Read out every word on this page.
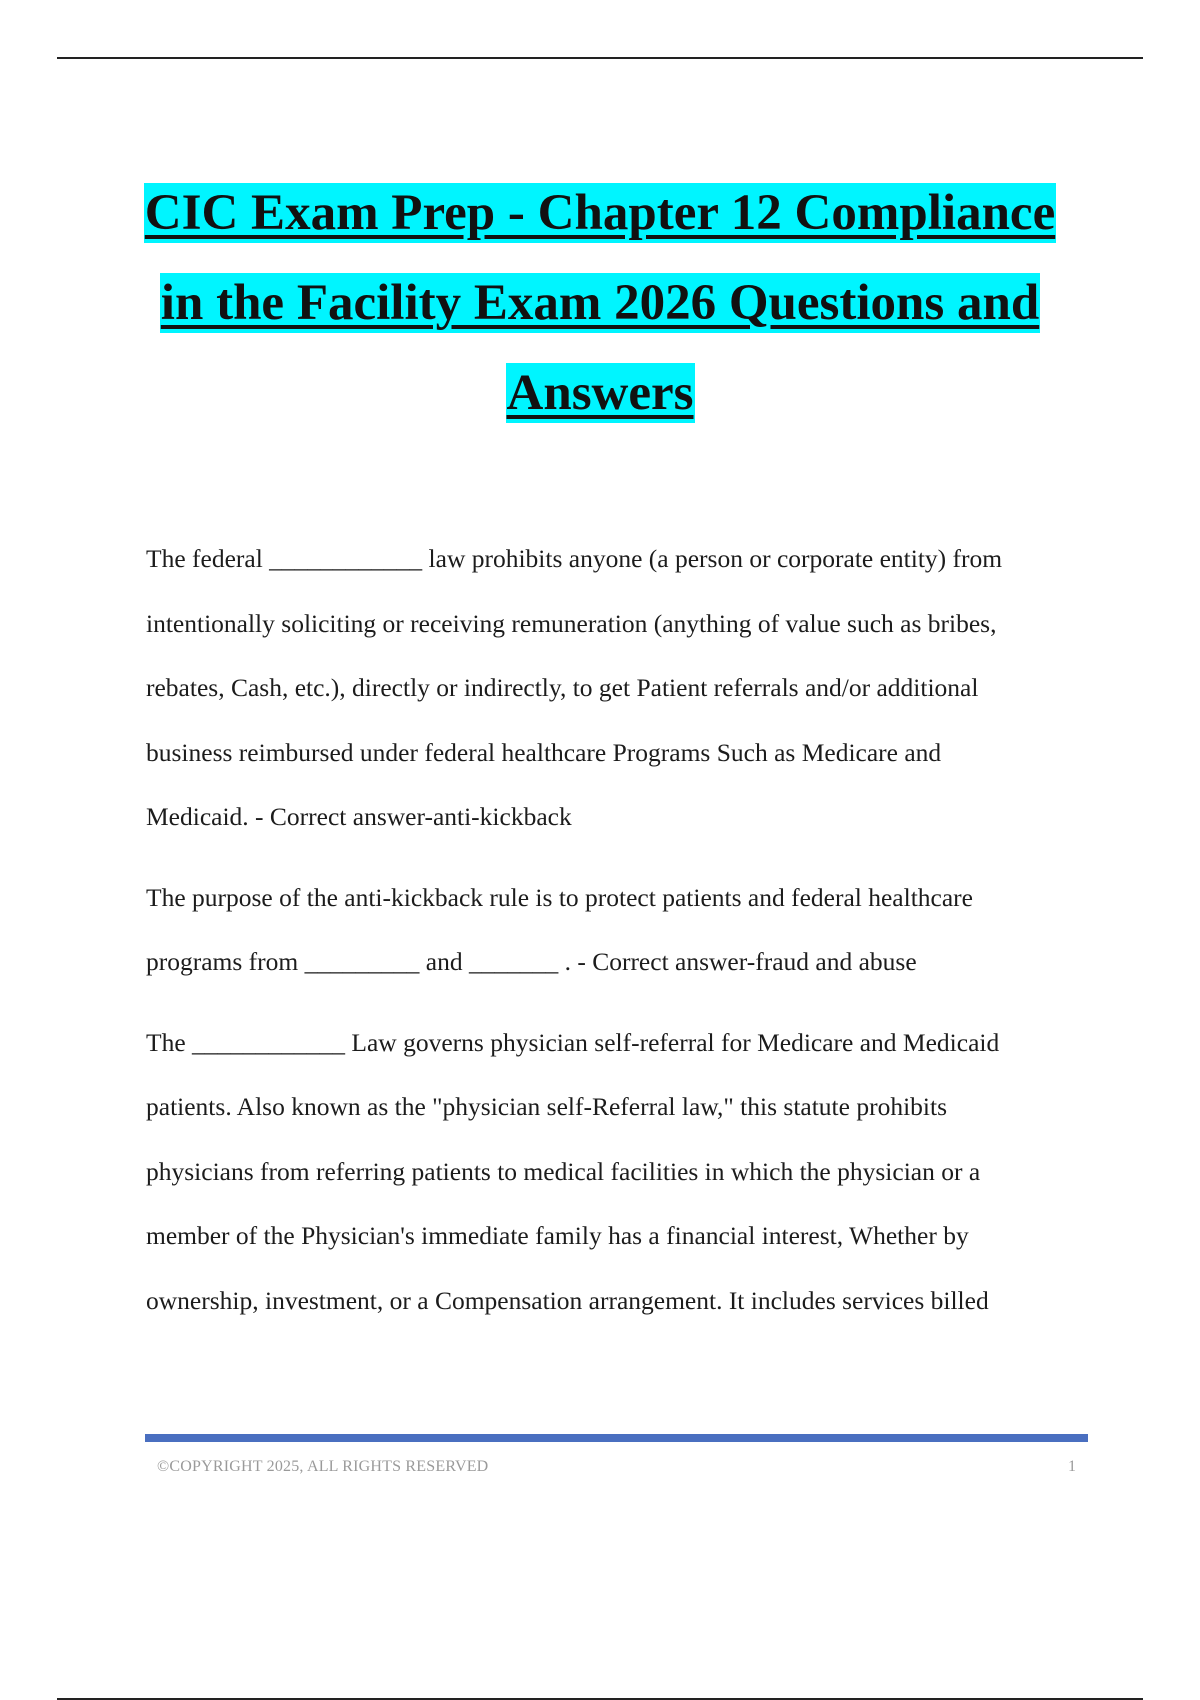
CIC Exam Prep - Chapter 12 Compliance
in the Facility Exam 2026 Questions and
Answers

The federal ____________ law prohibits anyone (a person or corporate entity) from
intentionally soliciting or receiving remuneration (anything of value such as bribes,
rebates, Cash, etc.), directly or indirectly, to get Patient referrals and/or additional
business reimbursed under federal healthcare Programs Such as Medicare and
Medicaid. - Correct answer-anti-kickback

The purpose of the anti-kickback rule is to protect patients and federal healthcare
programs from _________ and _______ . - Correct answer-fraud and abuse

The ____________ Law governs physician self-referral for Medicare and Medicaid
patients. Also known as the "physician self-Referral law," this statute prohibits
physicians from referring patients to medical facilities in which the physician or a
member of the Physician's immediate family has a financial interest, Whether by
ownership, investment, or a Compensation arrangement. It includes services billed

©COPYRIGHT 2025, ALL RIGHTS RESERVED	1
